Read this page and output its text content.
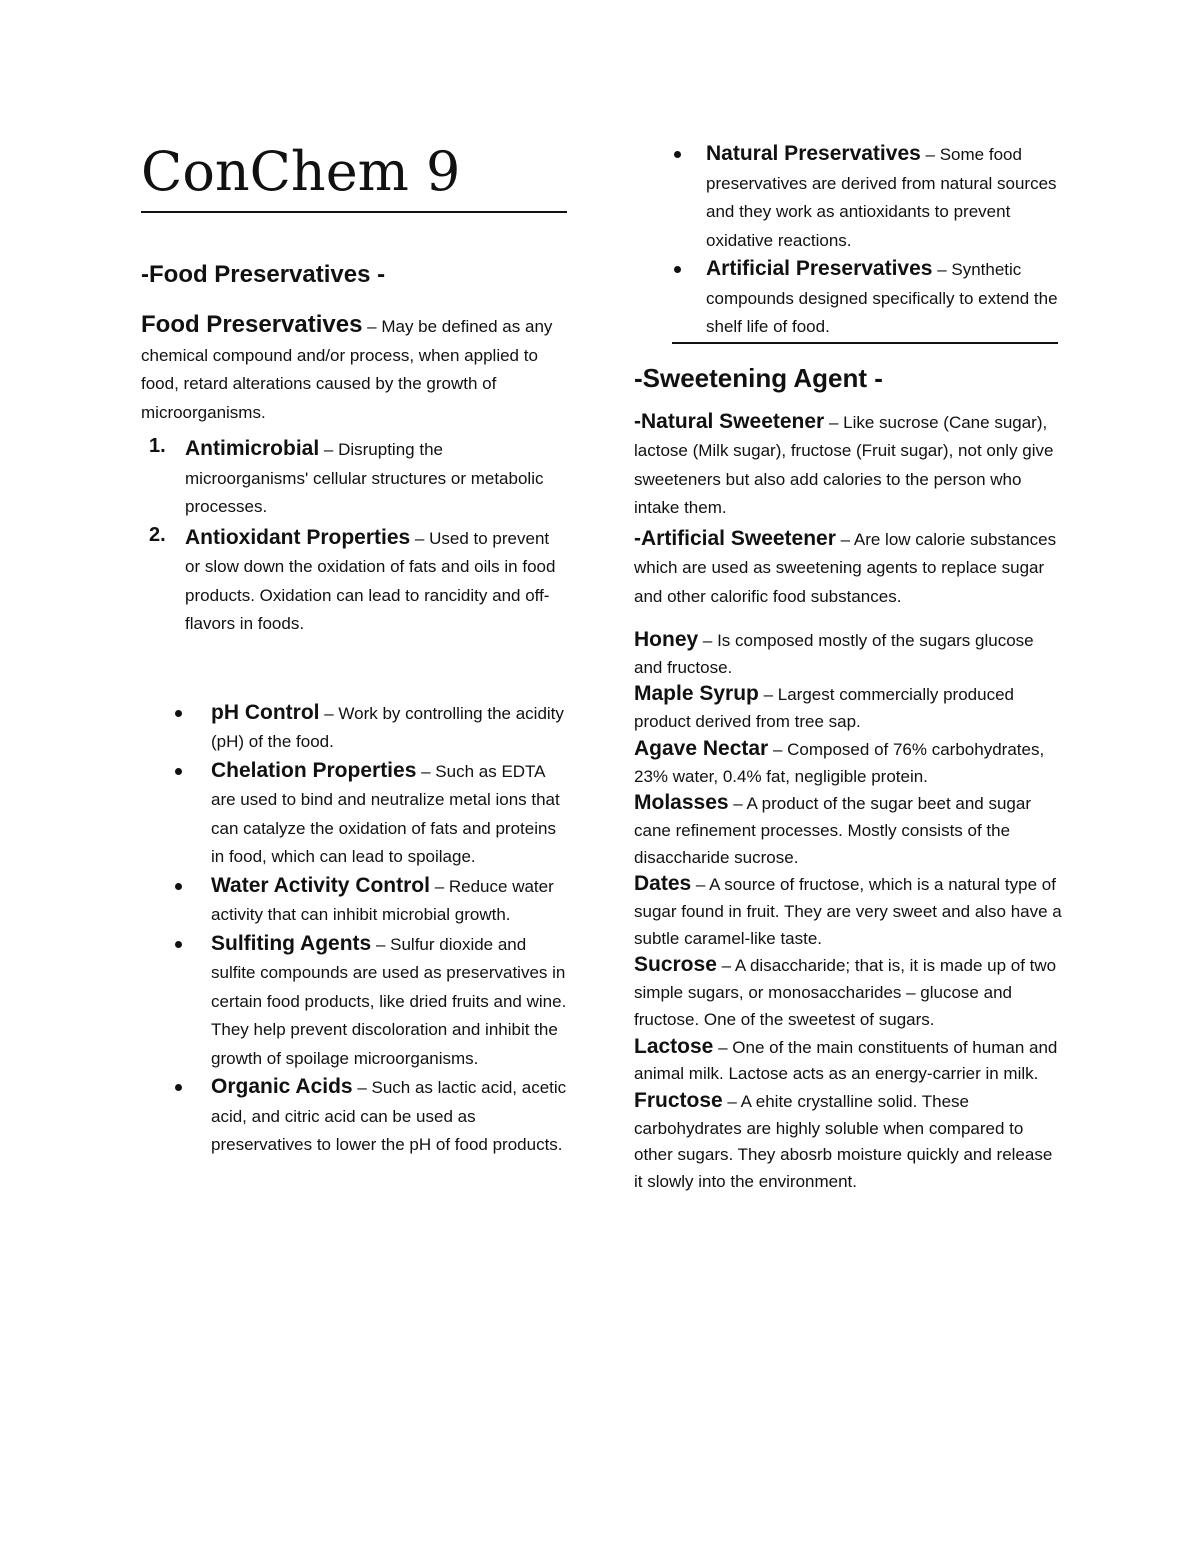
ConChem 9
-Food Preservatives -

Food Preservatives – May be defined as any chemical compound and/or process, when applied to food, retard alterations caused by the growth of microorganisms.

1. Antimicrobial – Disrupting the microorganisms' cellular structures or metabolic processes.

2. Antioxidant Properties – Used to prevent or slow down the oxidation of fats and oils in food products. Oxidation can lead to rancidity and off-flavors in foods.

pH Control – Work by controlling the acidity (pH) of the food.

Chelation Properties – Such as EDTA are used to bind and neutralize metal ions that can catalyze the oxidation of fats and proteins in food, which can lead to spoilage.

Water Activity Control – Reduce water activity that can inhibit microbial growth.

Sulfiting Agents – Sulfur dioxide and sulfite compounds are used as preservatives in certain food products, like dried fruits and wine. They help prevent discoloration and inhibit the growth of spoilage microorganisms.

Organic Acids – Such as lactic acid, acetic acid, and citric acid can be used as preservatives to lower the pH of food products.

Natural Preservatives – Some food preservatives are derived from natural sources and they work as antioxidants to prevent oxidative reactions.

Artificial Preservatives – Synthetic compounds designed specifically to extend the shelf life of food.

-Sweetening Agent -

-Natural Sweetener – Like sucrose (Cane sugar), lactose (Milk sugar), fructose (Fruit sugar), not only give sweeteners but also add calories to the person who intake them.

-Artificial Sweetener – Are low calorie substances which are used as sweetening agents to replace sugar and other calorific food substances.

Honey – Is composed mostly of the sugars glucose and fructose.

Maple Syrup – Largest commercially produced product derived from tree sap.

Agave Nectar – Composed of 76% carbohydrates, 23% water, 0.4% fat, negligible protein.

Molasses – A product of the sugar beet and sugar cane refinement processes. Mostly consists of the disaccharide sucrose.

Dates – A source of fructose, which is a natural type of sugar found in fruit. They are very sweet and also have a subtle caramel-like taste.

Sucrose – A disaccharide; that is, it is made up of two simple sugars, or monosaccharides – glucose and fructose. One of the sweetest of sugars.

Lactose – One of the main constituents of human and animal milk. Lactose acts as an energy-carrier in milk.

Fructose – A ehite crystalline solid. These carbohydrates are highly soluble when compared to other sugars. They abosrb moisture quickly and release it slowly into the environment.
